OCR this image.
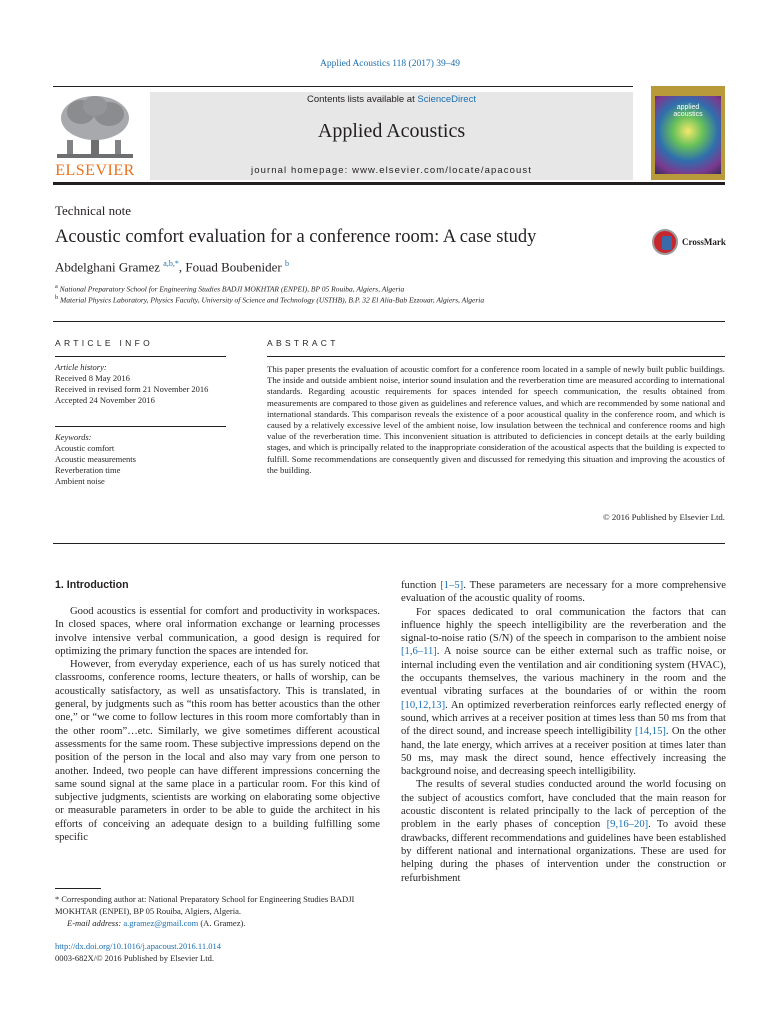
Applied Acoustics 118 (2017) 39–49
ELSEVIER
Contents lists available at ScienceDirect
Applied Acoustics
journal homepage: www.elsevier.com/locate/apacoust
applied
acoustics
Technical note
Acoustic comfort evaluation for a conference room: A case study	CrossMark
Abdelghani Gramez $^{a,b,*}$, Fouad Boubenider $^b$
$^a$ National Preparatory School for Engineering Studies BADJI MOKHTAR (ENPEI), BP 05 Rouiba, Algiers, Algeria
$^b$ Material Physics Laboratory, Physics Faculty, University of Science and Technology (USTHB), B.P. 32 El Alia-Bab Ezzouar, Algiers, Algeria
ARTICLE INFO
Article history:
Received 8 May 2016
Received in revised form 21 November 2016
Accepted 24 November 2016
Keywords:
Acoustic comfort
Acoustic measurements
Reverberation time
Ambient noise
ABSTRACT
This paper presents the evaluation of acoustic comfort for a conference room located in a sample of newly built public buildings. The inside and outside ambient noise, interior sound insulation and the reverberation time are measured according to international standards. Regarding acoustic requirements for spaces intended for speech communication, the results obtained from measurements are compared to those given as guidelines and reference values, and which are recommended by some national and international standards. This comparison reveals the existence of a poor acoustical quality in the conference room, and which is caused by a relatively excessive level of the ambient noise, low insulation between the technical and conference rooms and high value of the reverberation time. This inconvenient situation is attributed to deficiencies in concept details at the early building stages, and which is principally related to the inappropriate consideration of the acoustical aspects that the building is expected to fulfill. Some recommendations are consequently given and discussed for remedying this situation and improving the acoustics of the building.
© 2016 Published by Elsevier Ltd.
1. Introduction

Good acoustics is essential for comfort and productivity in workspaces. In closed spaces, where oral information exchange or learning processes involve intensive verbal communication, a good design is required for optimizing the primary function the spaces are intended for.

However, from everyday experience, each of us has surely noticed that classrooms, conference rooms, lecture theaters, or halls of worship, can be acoustically satisfactory, as well as unsatisfactory. This is translated, in general, by judgments such as “this room has better acoustics than the other one,” or “we come to follow lectures in this room more comfortably than in the other room”…etc. Similarly, we give sometimes different acoustical assessments for the same room. These subjective impressions depend on the position of the person in the local and also may vary from one person to another. Indeed, two people can have different impressions concerning the same sound signal at the same place in a particular room. For this kind of subjective judgments, scientists are working on elaborating some objective or measurable parameters in order to be able to guide the architect in his efforts of conceiving an adequate design to a building fulfilling some specific

function [1–5]. These parameters are necessary for a more comprehensive evaluation of the acoustic quality of rooms.

For spaces dedicated to oral communication the factors that can influence highly the speech intelligibility are the reverberation and the signal-to-noise ratio (S/N) of the speech in comparison to the ambient noise [1,6–11]. A noise source can be either external such as traffic noise, or internal including even the ventilation and air conditioning system (HVAC), the occupants themselves, the various machinery in the room and the eventual vibrating surfaces at the boundaries of or within the room [10,12,13]. An optimized reverberation reinforces early reflected energy of sound, which arrives at a receiver position at times less than 50 ms from that of the direct sound, and increase speech intelligibility [14,15]. On the other hand, the late energy, which arrives at a receiver position at times later than 50 ms, may mask the direct sound, hence effectively increasing the background noise, and decreasing speech intelligibility.

The results of several studies conducted around the world focusing on the subject of acoustics comfort, have concluded that the main reason for acoustic discontent is related principally to the lack of perception of the problem in the early phases of conception [9,16–20]. To avoid these drawbacks, different recommendations and guidelines have been established by different national and international organizations. These are used for helping during the phases of intervention under the construction or refurbishment

* Corresponding author at: National Preparatory School for Engineering Studies BADJI MOKHTAR (ENPEI), BP 05 Rouiba, Algiers, Algeria.
E-mail address: a.gramez@gmail.com (A. Gramez).
http://dx.doi.org/10.1016/j.apacoust.2016.11.014
0003-682X/© 2016 Published by Elsevier Ltd.
